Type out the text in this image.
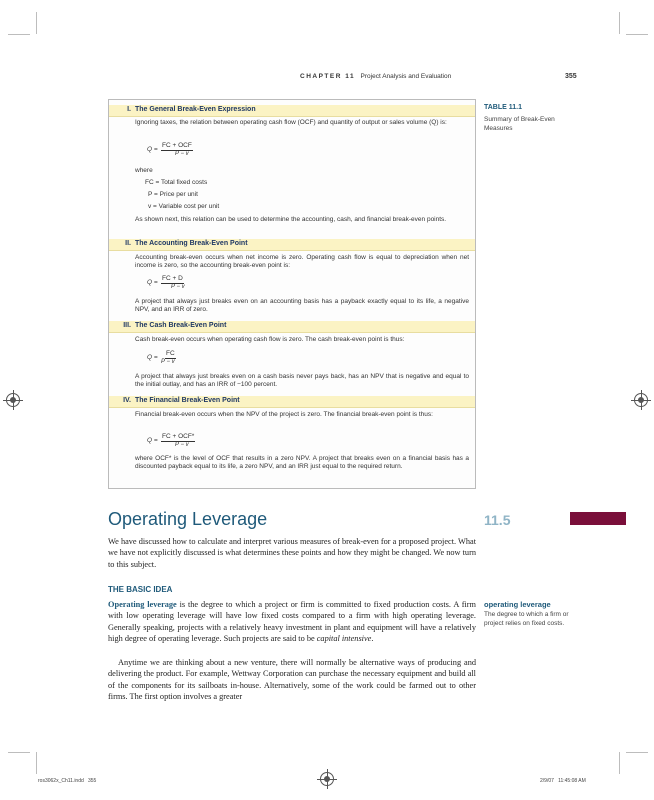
CHAPTER 11 Project Analysis and Evaluation	355
TABLE 11.1
Summary of Break-Even Measures
I. The General Break-Even Expression
Ignoring taxes, the relation between operating cash flow (OCF) and quantity of output or sales volume (Q) is:
Q =
FC + OCF
P − v
where
FC = Total fixed costs
P = Price per unit
v = Variable cost per unit
As shown next, this relation can be used to determine the accounting, cash, and financial break-even points.
II. The Accounting Break-Even Point
Accounting break-even occurs when net income is zero. Operating cash flow is equal to depreciation when net income is zero, so the accounting break-even point is:
Q =
FC + D
P − v
A project that always just breaks even on an accounting basis has a payback exactly equal to its life, a negative NPV, and an IRR of zero.
III. The Cash Break-Even Point
Cash break-even occurs when operating cash flow is zero. The cash break-even point is thus:
Q =
FC
P − v
A project that always just breaks even on a cash basis never pays back, has an NPV that is negative and equal to the initial outlay, and has an IRR of −100 percent.
IV. The Financial Break-Even Point
Financial break-even occurs when the NPV of the project is zero. The financial break-even point is thus:
Q =
FC + OCF*
P − v
where OCF* is the level of OCF that results in a zero NPV. A project that breaks even on a financial basis has a discounted payback equal to its life, a zero NPV, and an IRR just equal to the required return.
Operating Leverage	11.5
We have discussed how to calculate and interpret various measures of break-even for a proposed project. What we have not explicitly discussed is what determines these points and how they might be changed. We now turn to this subject.
THE BASIC IDEA
Operating leverage is the degree to which a project or firm is committed to fixed production costs. A firm with low operating leverage will have low fixed costs compared to a firm with high operating leverage. Generally speaking, projects with a relatively heavy investment in plant and equipment will have a relatively high degree of operating leverage. Such projects are said to be capital intensive.
Anytime we are thinking about a new venture, there will normally be alternative ways of producing and delivering the product. For example, Wettway Corporation can purchase the necessary equipment and build all of the components for its sailboats in-house. Alternatively, some of the work could be farmed out to other firms. The first option involves a greater
operating leverage
The degree to which a firm or project relies on fixed costs.
ros3062x_Ch11.indd   355	2/9/07   11:45:08 AM
